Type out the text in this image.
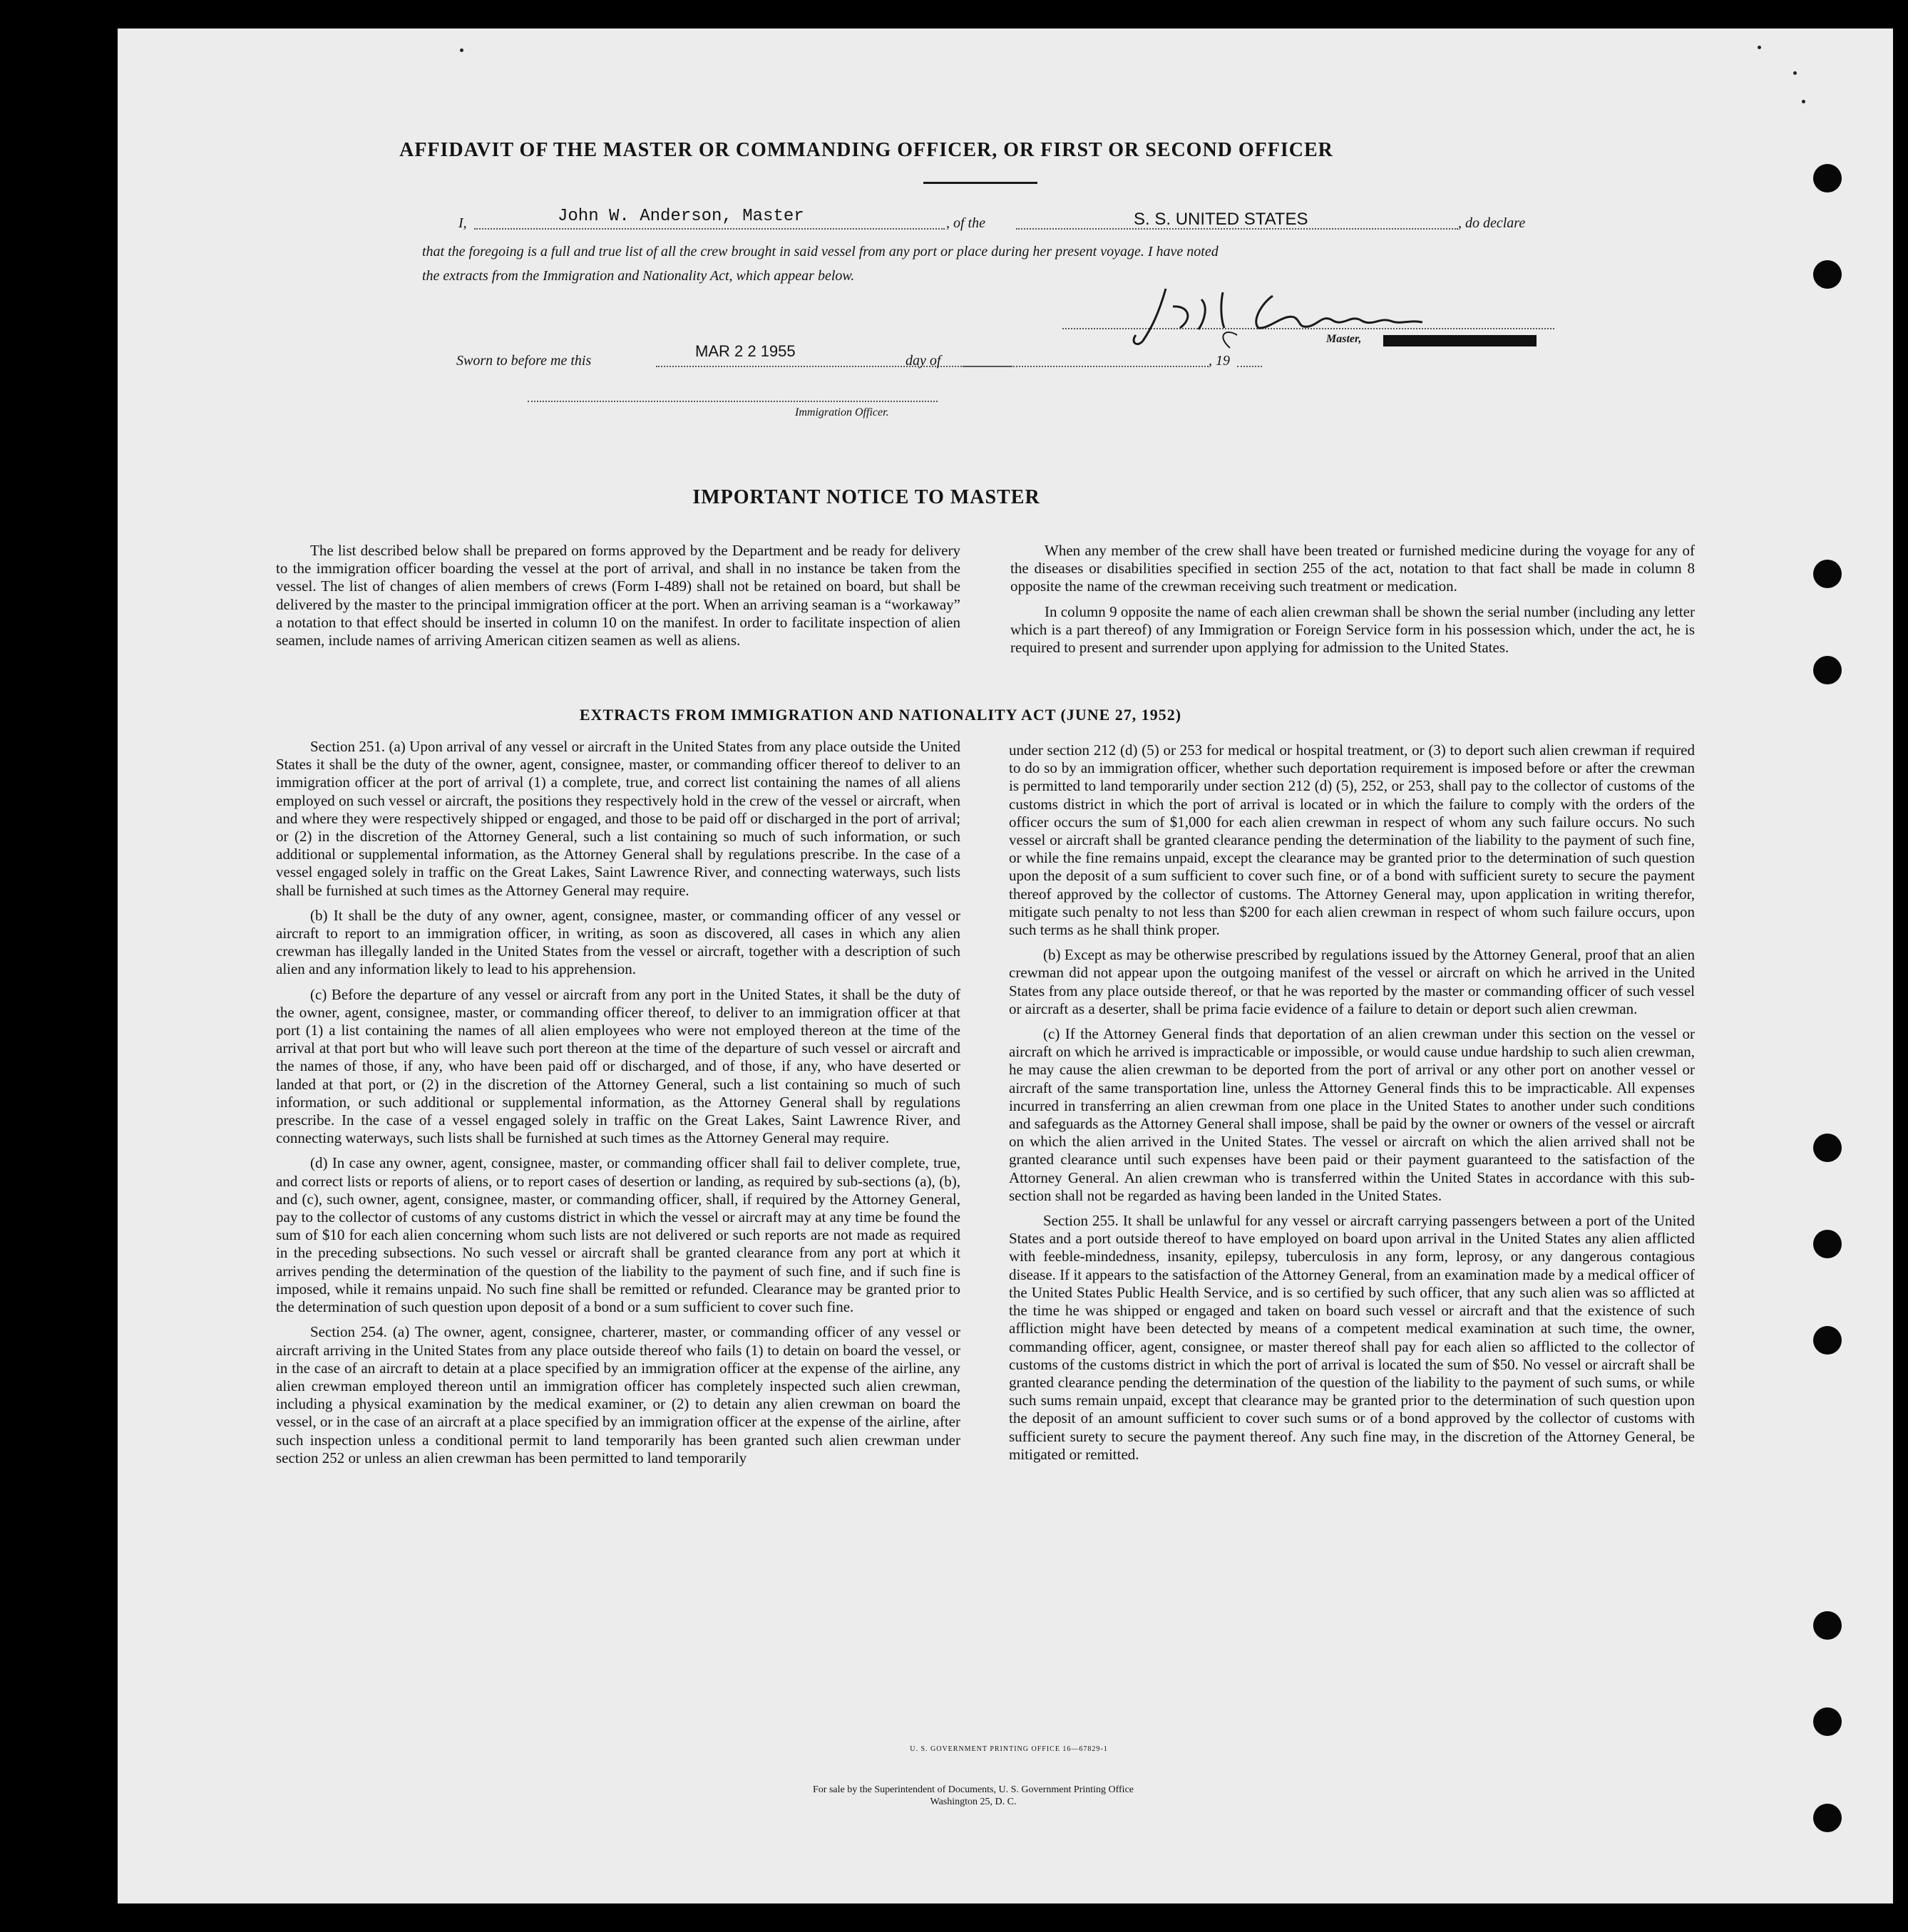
AFFIDAVIT OF THE MASTER OR COMMANDING OFFICER, OR FIRST OR SECOND OFFICER
I,	John W. Anderson, Master	, of the	S. S. UNITED STATES	, do declare
that the foregoing is a full and true list of all the crew brought in said vessel from any port or place during her present voyage. I have noted
the extracts from the Immigration and Nationality Act, which appear below.
Master,
Sworn to before me this
MAR 2 2 1955
day of	, 19
Immigration Officer.
IMPORTANT NOTICE TO MASTER

The list described below shall be prepared on forms approved by the Department and be ready for delivery to the immigration officer boarding the vessel at the port of arrival, and shall in no instance be taken from the vessel. The list of changes of alien members of crews (Form I-489) shall not be retained on board, but shall be delivered by the master to the principal immigration officer at the port. When an arriving seaman is a “workaway” a notation to that effect should be inserted in column 10 on the manifest. In order to facilitate inspection of alien seamen, include names of arriving American citizen seamen as well as aliens.

When any member of the crew shall have been treated or furnished medicine during the voyage for any of the diseases or disabilities specified in section 255 of the act, notation to that fact shall be made in column 8 opposite the name of the crewman receiving such treatment or medication.

In column 9 opposite the name of each alien crewman shall be shown the serial number (including any letter which is a part thereof) of any Immigration or Foreign Service form in his possession which, under the act, he is required to present and surrender upon applying for admission to the United States.

EXTRACTS FROM IMMIGRATION AND NATIONALITY ACT (JUNE 27, 1952)

Section 251. (a) Upon arrival of any vessel or aircraft in the United States from any place outside the United States it shall be the duty of the owner, agent, consignee, master, or commanding officer thereof to deliver to an immigration officer at the port of arrival (1) a complete, true, and correct list containing the names of all aliens employed on such vessel or aircraft, the positions they respectively hold in the crew of the vessel or aircraft, when and where they were respectively shipped or engaged, and those to be paid off or discharged in the port of arrival; or (2) in the discretion of the Attorney General, such a list containing so much of such information, or such additional or supplemental information, as the Attorney General shall by regulations prescribe. In the case of a vessel engaged solely in traffic on the Great Lakes, Saint Lawrence River, and connecting waterways, such lists shall be furnished at such times as the Attorney General may require.

(b) It shall be the duty of any owner, agent, consignee, master, or commanding officer of any vessel or aircraft to report to an immigration officer, in writing, as soon as discovered, all cases in which any alien crewman has illegally landed in the United States from the vessel or aircraft, together with a description of such alien and any information likely to lead to his apprehension.

(c) Before the departure of any vessel or aircraft from any port in the United States, it shall be the duty of the owner, agent, consignee, master, or commanding officer thereof, to deliver to an immigration officer at that port (1) a list containing the names of all alien employees who were not employed thereon at the time of the arrival at that port but who will leave such port thereon at the time of the departure of such vessel or aircraft and the names of those, if any, who have been paid off or discharged, and of those, if any, who have deserted or landed at that port, or (2) in the discretion of the Attorney General, such a list containing so much of such information, or such additional or supplemental information, as the Attorney General shall by regulations prescribe. In the case of a vessel engaged solely in traffic on the Great Lakes, Saint Lawrence River, and connecting waterways, such lists shall be furnished at such times as the Attorney General may require.

(d) In case any owner, agent, consignee, master, or commanding officer shall fail to deliver complete, true, and correct lists or reports of aliens, or to report cases of desertion or landing, as required by sub-sections (a), (b), and (c), such owner, agent, consignee, master, or commanding officer, shall, if required by the Attorney General, pay to the collector of customs of any customs district in which the vessel or aircraft may at any time be found the sum of $10 for each alien concerning whom such lists are not delivered or such reports are not made as required in the preceding subsections. No such vessel or aircraft shall be granted clearance from any port at which it arrives pending the determination of the question of the liability to the payment of such fine, and if such fine is imposed, while it remains unpaid. No such fine shall be remitted or refunded. Clearance may be granted prior to the determination of such question upon deposit of a bond or a sum sufficient to cover such fine.

Section 254. (a) The owner, agent, consignee, charterer, master, or commanding officer of any vessel or aircraft arriving in the United States from any place outside thereof who fails (1) to detain on board the vessel, or in the case of an aircraft to detain at a place specified by an immigration officer at the expense of the airline, any alien crewman employed thereon until an immigration officer has completely inspected such alien crewman, including a physical examination by the medical examiner, or (2) to detain any alien crewman on board the vessel, or in the case of an aircraft at a place specified by an immigration officer at the expense of the airline, after such inspection unless a conditional permit to land temporarily has been granted such alien crewman under section 252 or unless an alien crewman has been permitted to land temporarily

under section 212 (d) (5) or 253 for medical or hospital treatment, or (3) to deport such alien crewman if required to do so by an immigration officer, whether such deportation requirement is imposed before or after the crewman is permitted to land temporarily under section 212 (d) (5), 252, or 253, shall pay to the collector of customs of the customs district in which the port of arrival is located or in which the failure to comply with the orders of the officer occurs the sum of $1,000 for each alien crewman in respect of whom any such failure occurs. No such vessel or aircraft shall be granted clearance pending the determination of the liability to the payment of such fine, or while the fine remains unpaid, except the clearance may be granted prior to the determination of such question upon the deposit of a sum sufficient to cover such fine, or of a bond with sufficient surety to secure the payment thereof approved by the collector of customs. The Attorney General may, upon application in writing therefor, mitigate such penalty to not less than $200 for each alien crewman in respect of whom such failure occurs, upon such terms as he shall think proper.

(b) Except as may be otherwise prescribed by regulations issued by the Attorney General, proof that an alien crewman did not appear upon the outgoing manifest of the vessel or aircraft on which he arrived in the United States from any place outside thereof, or that he was reported by the master or commanding officer of such vessel or aircraft as a deserter, shall be prima facie evidence of a failure to detain or deport such alien crewman.

(c) If the Attorney General finds that deportation of an alien crewman under this section on the vessel or aircraft on which he arrived is impracticable or impossible, or would cause undue hardship to such alien crewman, he may cause the alien crewman to be deported from the port of arrival or any other port on another vessel or aircraft of the same transportation line, unless the Attorney General finds this to be impracticable. All expenses incurred in transferring an alien crewman from one place in the United States to another under such conditions and safeguards as the Attorney General shall impose, shall be paid by the owner or owners of the vessel or aircraft on which the alien arrived in the United States. The vessel or aircraft on which the alien arrived shall not be granted clearance until such expenses have been paid or their payment guaranteed to the satisfaction of the Attorney General. An alien crewman who is transferred within the United States in accordance with this sub-section shall not be regarded as having been landed in the United States.

Section 255. It shall be unlawful for any vessel or aircraft carrying passengers between a port of the United States and a port outside thereof to have employed on board upon arrival in the United States any alien afflicted with feeble-mindedness, insanity, epilepsy, tuberculosis in any form, leprosy, or any dangerous contagious disease. If it appears to the satisfaction of the Attorney General, from an examination made by a medical officer of the United States Public Health Service, and is so certified by such officer, that any such alien was so afflicted at the time he was shipped or engaged and taken on board such vessel or aircraft and that the existence of such affliction might have been detected by means of a competent medical examination at such time, the owner, commanding officer, agent, consignee, or master thereof shall pay for each alien so afflicted to the collector of customs of the customs district in which the port of arrival is located the sum of $50. No vessel or aircraft shall be granted clearance pending the determination of the question of the liability to the payment of such sums, or while such sums remain unpaid, except that clearance may be granted prior to the determination of such question upon the deposit of an amount sufficient to cover such sums or of a bond approved by the collector of customs with sufficient surety to secure the payment thereof. Any such fine may, in the discretion of the Attorney General, be mitigated or remitted.

U. S. GOVERNMENT PRINTING OFFICE 16—67829-1
For sale by the Superintendent of Documents, U. S. Government Printing Office
Washington 25, D. C.
